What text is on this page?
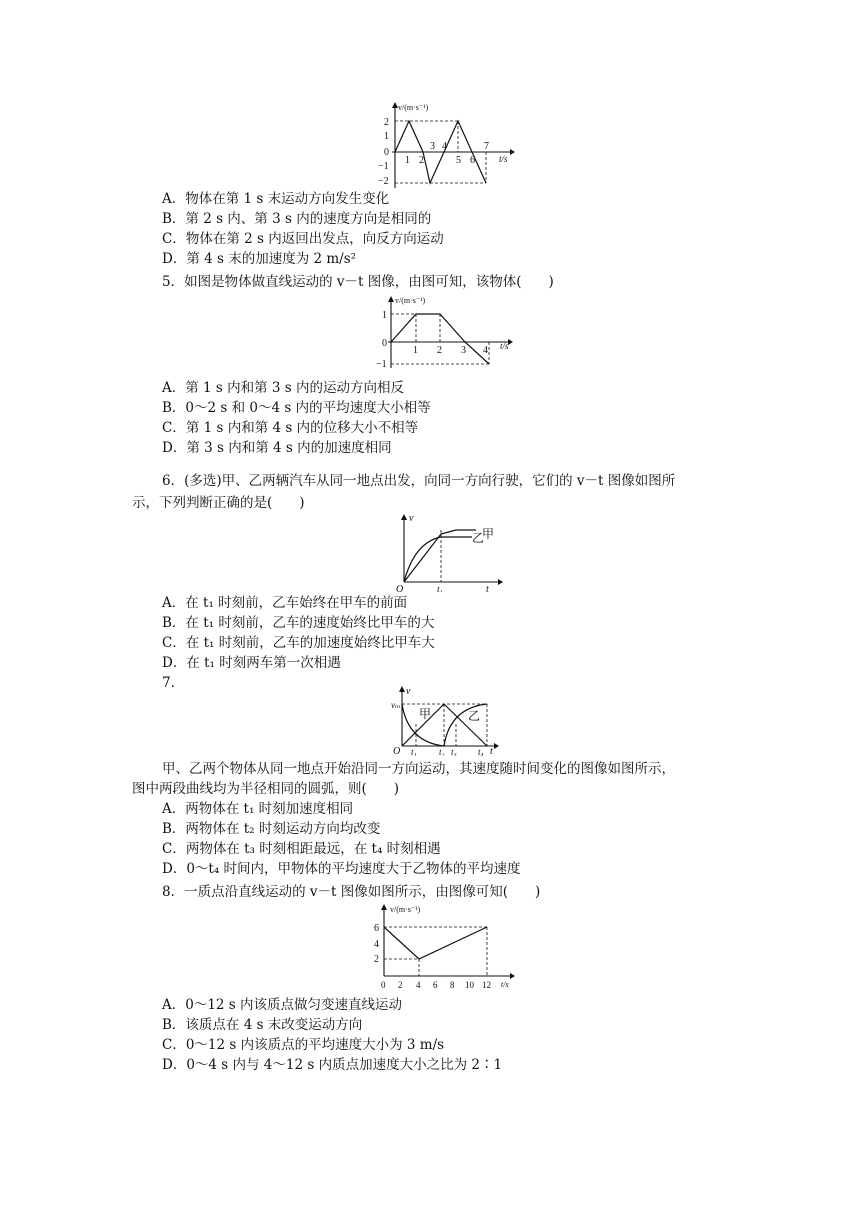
v/(m·s⁻¹)
t/s
2
1
0
−1
−2
1 2	5 6
3 4	7
A．物体在第 1 s 末运动方向发生变化
B．第 2 s 内、第 3 s 内的速度方向是相同的
C．物体在第 2 s 内返回出发点，向反方向运动
D．第 4 s 末的加速度为 2 m/s²
5．如图是物体做直线运动的 v－t 图像，由图可知，该物体(　　)
v/(m·s⁻¹)
t/s
1
0
−1
1 2 3 4
A．第 1 s 内和第 3 s 内的运动方向相反
B．0～2 s 和 0～4 s 内的平均速度大小相等
C．第 1 s 内和第 4 s 内的位移大小不相等
D．第 3 s 内和第 4 s 内的加速度相同
6．(多选)甲、乙两辆汽车从同一地点出发，向同一方向行驶，它们的 v－t 图像如图所
示，下列判断正确的是(　　)
v
O	t
甲
乙
t₁
A．在 t₁ 时刻前，乙车始终在甲车的前面
B．在 t₁ 时刻前，乙车的速度始终比甲车的大
C．在 t₁ 时刻前，乙车的加速度始终比甲车大
D．在 t₁ 时刻两车第一次相遇
7.
v
vₘ
O	t
甲	乙
t₁ t₂ t₃ t₄
甲、乙两个物体从同一地点开始沿同一方向运动，其速度随时间变化的图像如图所示，
图中两段曲线均为半径相同的圆弧，则(　　)
A．两物体在 t₁ 时刻加速度相同
B．两物体在 t₂ 时刻运动方向均改变
C．两物体在 t₃ 时刻相距最远，在 t₄ 时刻相遇
D．0～t₄ 时间内，甲物体的平均速度大于乙物体的平均速度
8．一质点沿直线运动的 v－t 图像如图所示，由图像可知(　　)
v/(m·s⁻¹)
t/s
6
4
2
0 2 4 6 8 10 12
A．0～12 s 内该质点做匀变速直线运动
B．该质点在 4 s 末改变运动方向
C．0～12 s 内该质点的平均速度大小为 3 m/s
D．0～4 s 内与 4～12 s 内质点加速度大小之比为 2∶1
